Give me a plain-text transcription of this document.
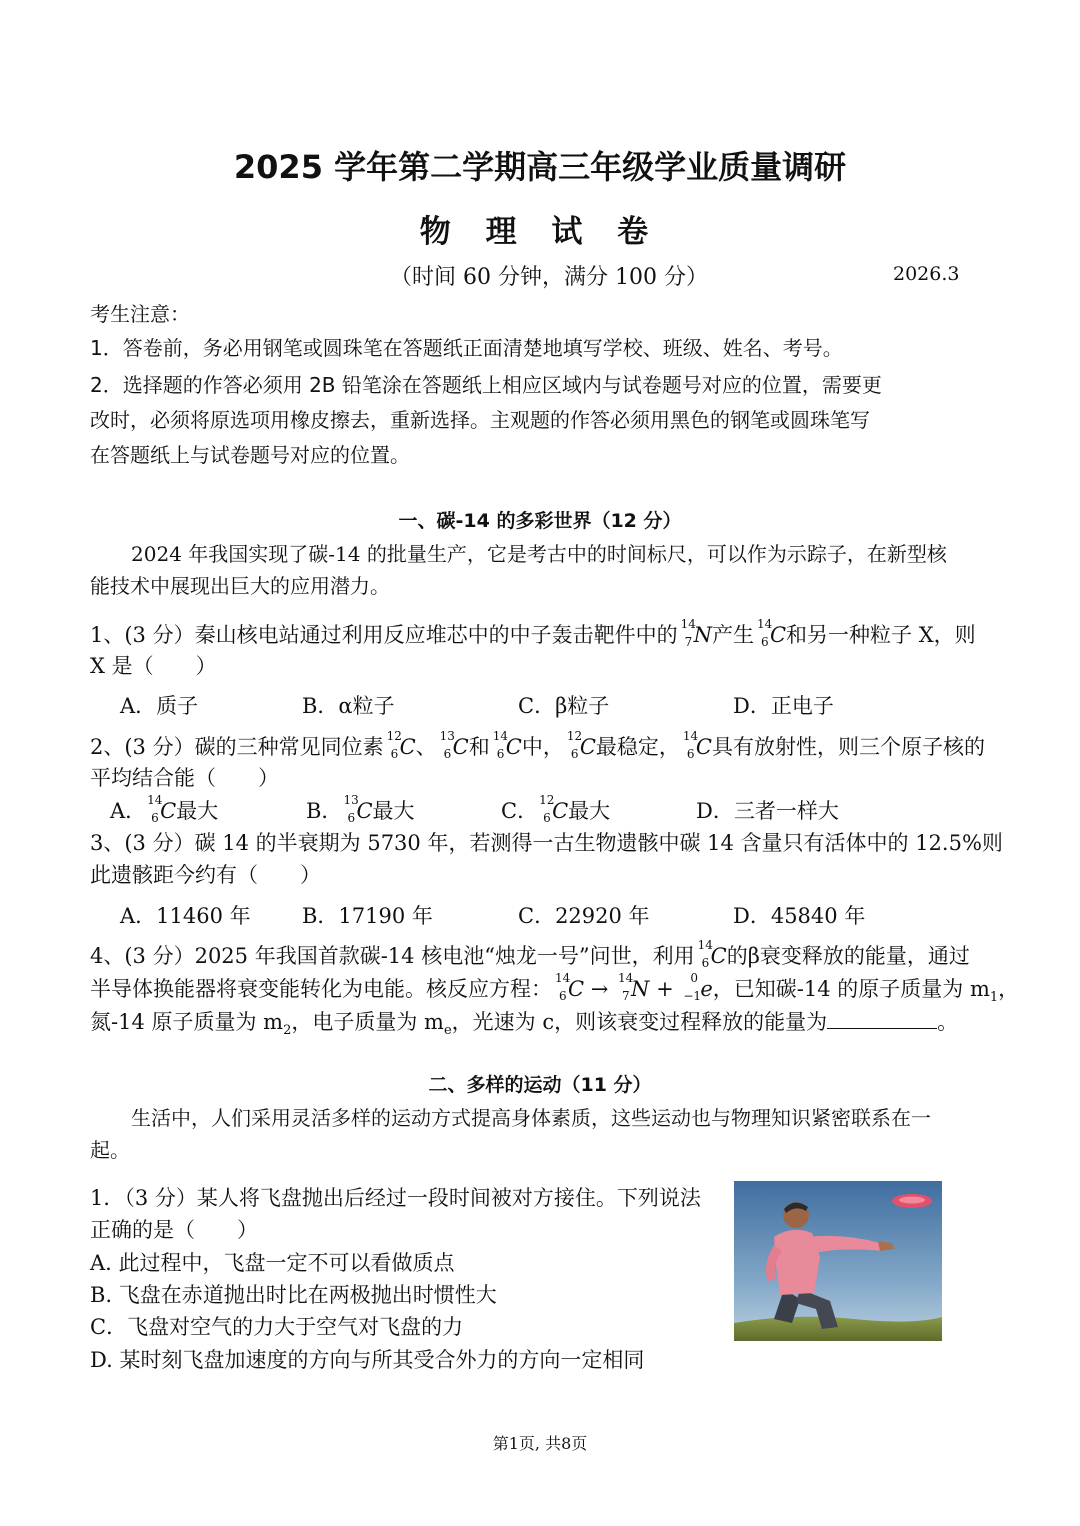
2025 学年第二学期高三年级学业质量调研
物 理 试 卷
（时间 60 分钟，满分 100 分）	2026.3
考生注意：
1．答卷前，务必用钢笔或圆珠笔在答题纸正面清楚地填写学校、班级、姓名、考号。
2．选择题的作答必须用 2B 铅笔涂在答题纸上相应区域内与试卷题号对应的位置，需要更
改时，必须将原选项用橡皮擦去，重新选择。主观题的作答必须用黑色的钢笔或圆珠笔写
在答题纸上与试卷题号对应的位置。
一、碳-14 的多彩世界（12 分）
2024 年我国实现了碳-14 的批量生产，它是考古中的时间标尺，可以作为示踪子，在新型核
能技术中展现出巨大的应用潜力。
1、(3 分）秦山核电站通过利用反应堆芯中的中子轰击靶件中的 14
7 N产生 14
6 C和另一种粒子 X，则
X 是（　　）
A．质子	B．α粒子	C．β粒子	D．正电子
2、(3 分）碳的三种常见同位素 12
6 C、 13
6 C和 14
6 C中， 12
6 C最稳定， 14
6 C具有放射性，则三个原子核的
平均结合能（　　）
A． 14
6 C最大	B． 13
6 C最大	C． 12
6 C最大	D．三者一样大
3、(3 分）碳 14 的半衰期为 5730 年，若测得一古生物遗骸中碳 14 含量只有活体中的 12.5%则
此遗骸距今约有（　　）
A．11460 年 B．17190 年	C．22920 年	D．45840 年
4、(3 分）2025 年我国首款碳-14 核电池“烛龙一号”问世，利用 14
6 C的β衰变释放的能量，通过
半导体换能器将衰变能转化为电能。核反应方程： 14
6 C → 14
7 N + 0
−1 e，已知碳-14 的原子质量为 $m_1$，
氮-14 原子质量为 $m_2$，电子质量为 $m_e$，光速为 c，则该衰变过程释放的能量为	。
二、多样的运动（11 分）
生活中，人们采用灵活多样的运动方式提高身体素质，这些运动也与物理知识紧密联系在一
起。
1．（3 分）某人将飞盘抛出后经过一段时间被对方接住。下列说法
正确的是（　　）
A. 此过程中，飞盘一定不可以看做质点
B. 飞盘在赤道抛出时比在两极抛出时惯性大
C．飞盘对空气的力大于空气对飞盘的力
D. 某时刻飞盘加速度的方向与所其受合外力的方向一定相同
第1页, 共8页
